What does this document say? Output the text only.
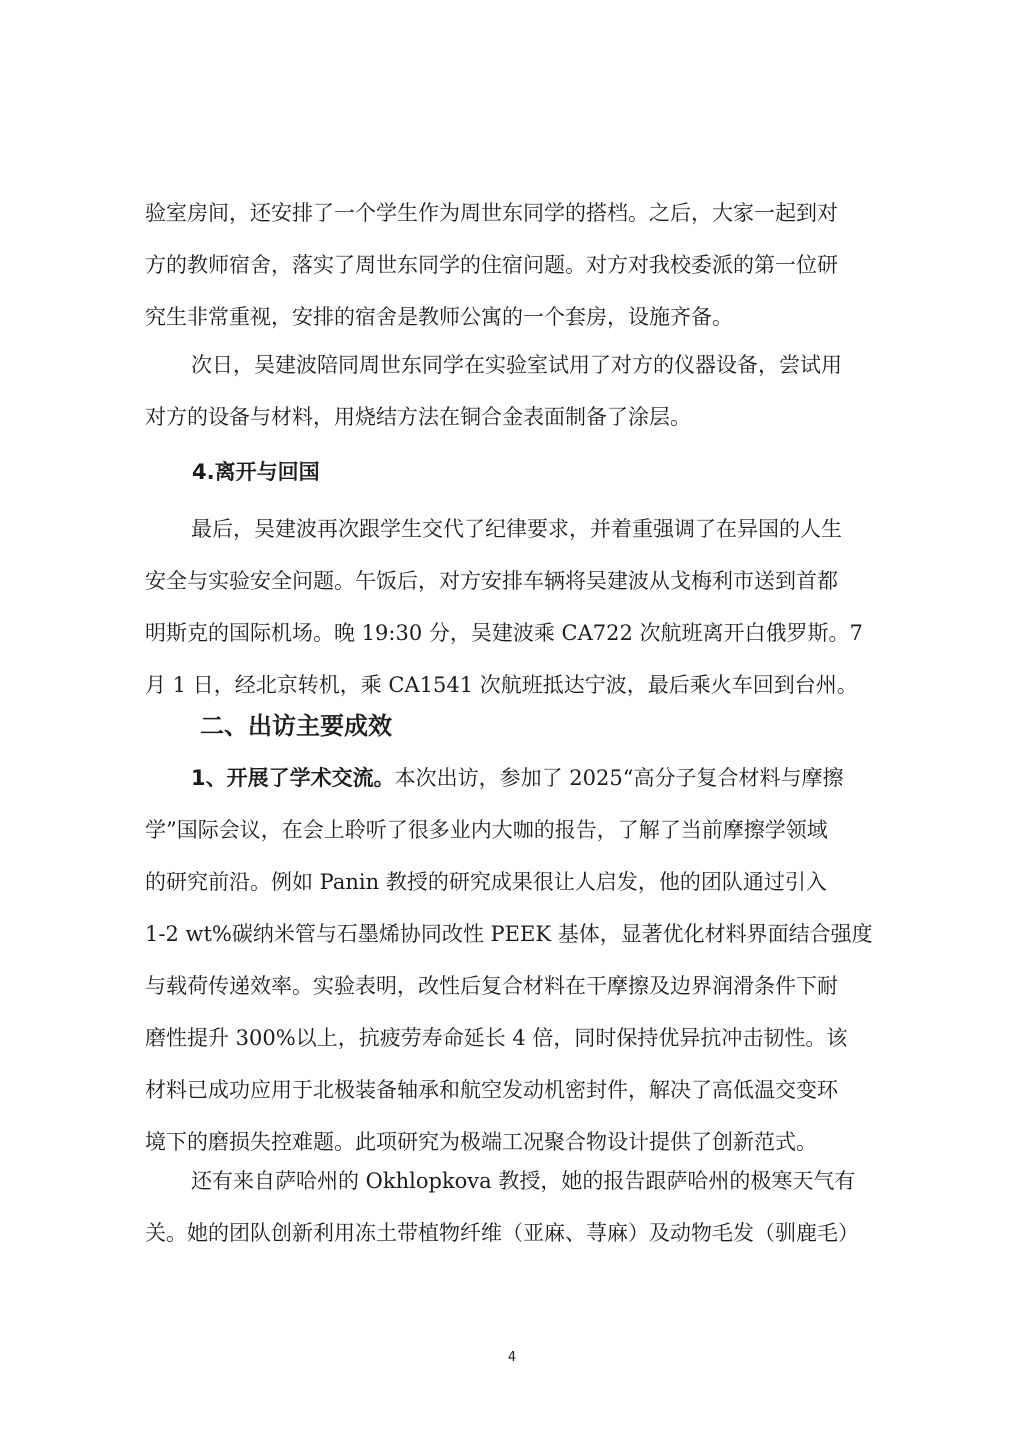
验室房间，还安排了一个学生作为周世东同学的搭档。之后，大家一起到对
方的教师宿舍，落实了周世东同学的住宿问题。对方对我校委派的第一位研
究生非常重视，安排的宿舍是教师公寓的一个套房，设施齐备。
次日，吴建波陪同周世东同学在实验室试用了对方的仪器设备，尝试用
对方的设备与材料，用烧结方法在铜合金表面制备了涂层。
4.离开与回国
最后，吴建波再次跟学生交代了纪律要求，并着重强调了在异国的人生
安全与实验安全问题。午饭后，对方安排车辆将吴建波从戈梅利市送到首都
明斯克的国际机场。晚 19:30 分，吴建波乘 CA722 次航班离开白俄罗斯。7
月 1 日，经北京转机，乘 CA1541 次航班抵达宁波，最后乘火车回到台州。
二、出访主要成效
1、开展了学术交流。本次出访，参加了 2025“高分子复合材料与摩擦
学”国际会议，在会上聆听了很多业内大咖的报告，了解了当前摩擦学领域
的研究前沿。例如 Panin 教授的研究成果很让人启发，他的团队通过引入
1-2 wt%碳纳米管与石墨烯协同改性 PEEK 基体，显著优化材料界面结合强度
与载荷传递效率。实验表明，改性后复合材料在干摩擦及边界润滑条件下耐
磨性提升 300%以上，抗疲劳寿命延长 4 倍，同时保持优异抗冲击韧性。该
材料已成功应用于北极装备轴承和航空发动机密封件，解决了高低温交变环
境下的磨损失控难题。此项研究为极端工况聚合物设计提供了创新范式。
还有来自萨哈州的 Okhlopkova 教授，她的报告跟萨哈州的极寒天气有
关。她的团队创新利用冻土带植物纤维（亚麻、荨麻）及动物毛发（驯鹿毛）
4
